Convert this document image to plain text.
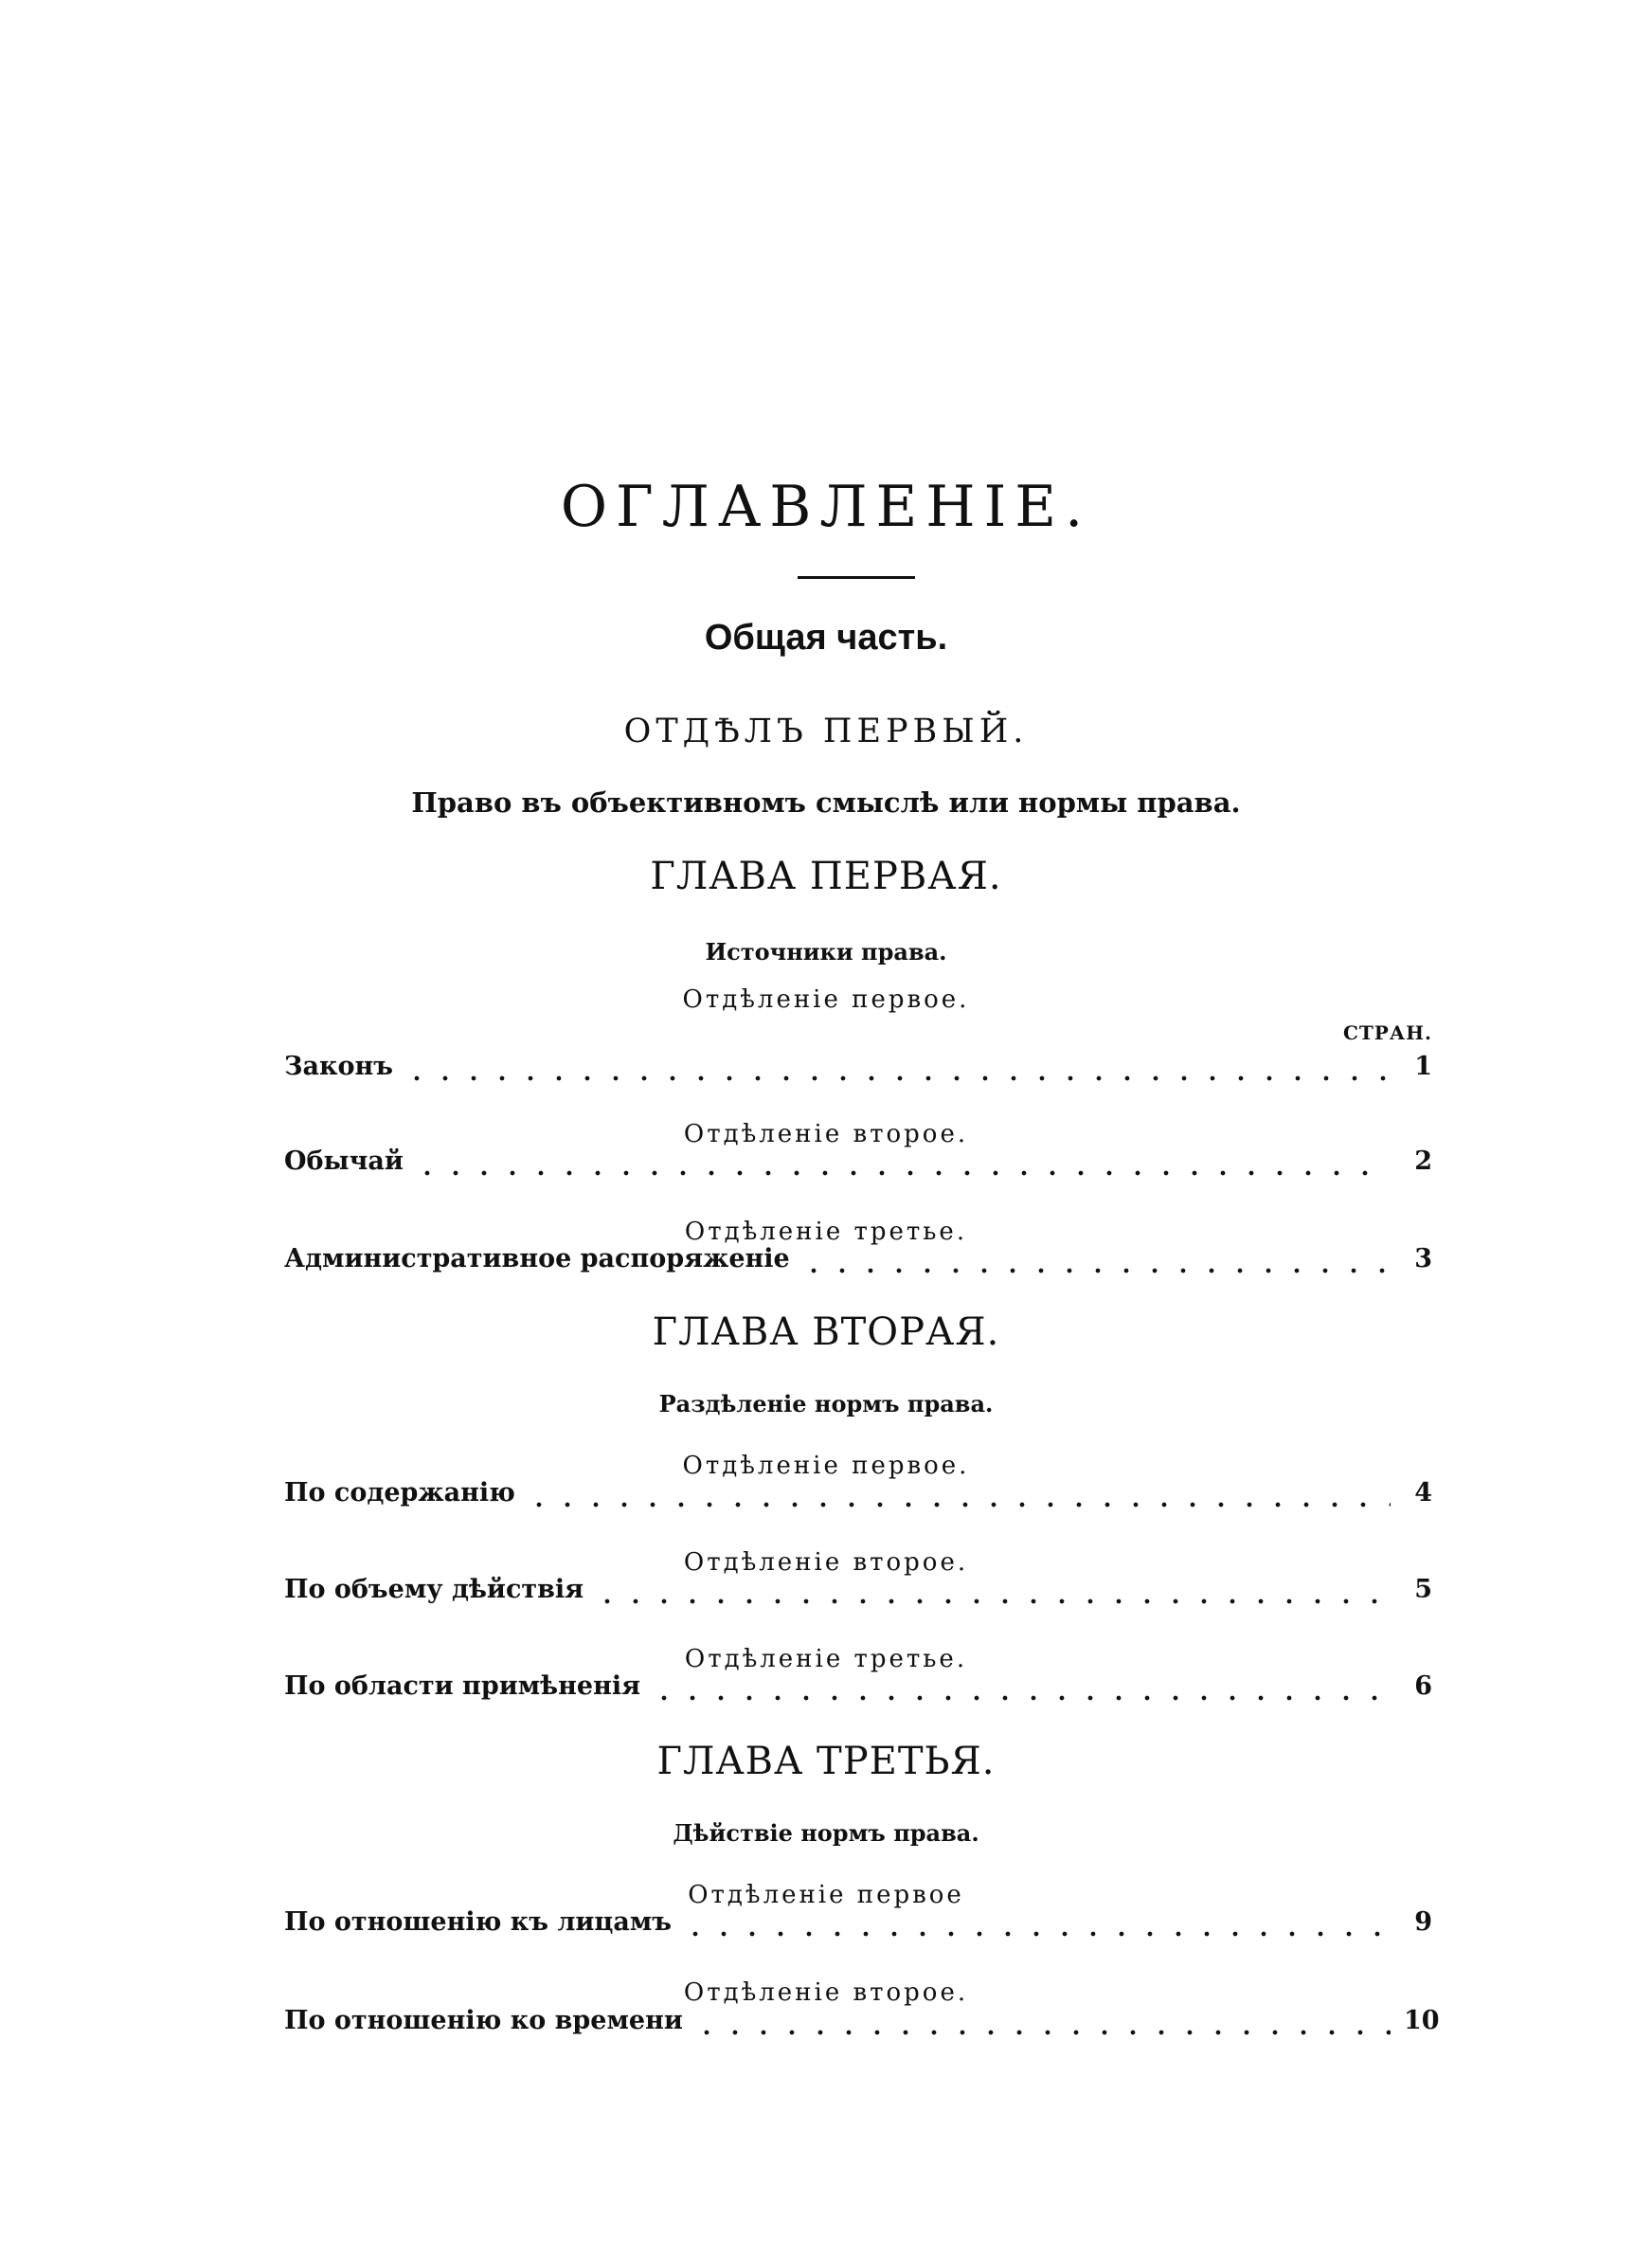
ОГЛАВЛЕНІЕ.
Общая часть.
ОТДѢЛЪ ПЕРВЫЙ.
Право въ объективномъ смыслѣ или нормы права.
ГЛАВА ПЕРВАЯ.
Источники права.
Отдѣленіе первое.
СТРАН.
Законъ	1
Отдѣленіе второе.
Обычай	2
Отдѣленіе третье.
Административное распоряженіе	3
ГЛАВА ВТОРАЯ.
Раздѣленіе нормъ права.
Отдѣленіе первое.
По содержанію	4
Отдѣленіе второе.
По объему дѣйствія	5
Отдѣленіе третье.
По области примѣненія	6
ГЛАВА ТРЕТЬЯ.
Дѣйствіе нормъ права.
Отдѣленіе первое
По отношенію къ лицамъ	9
Отдѣленіе второе.
По отношенію ко времени	10
